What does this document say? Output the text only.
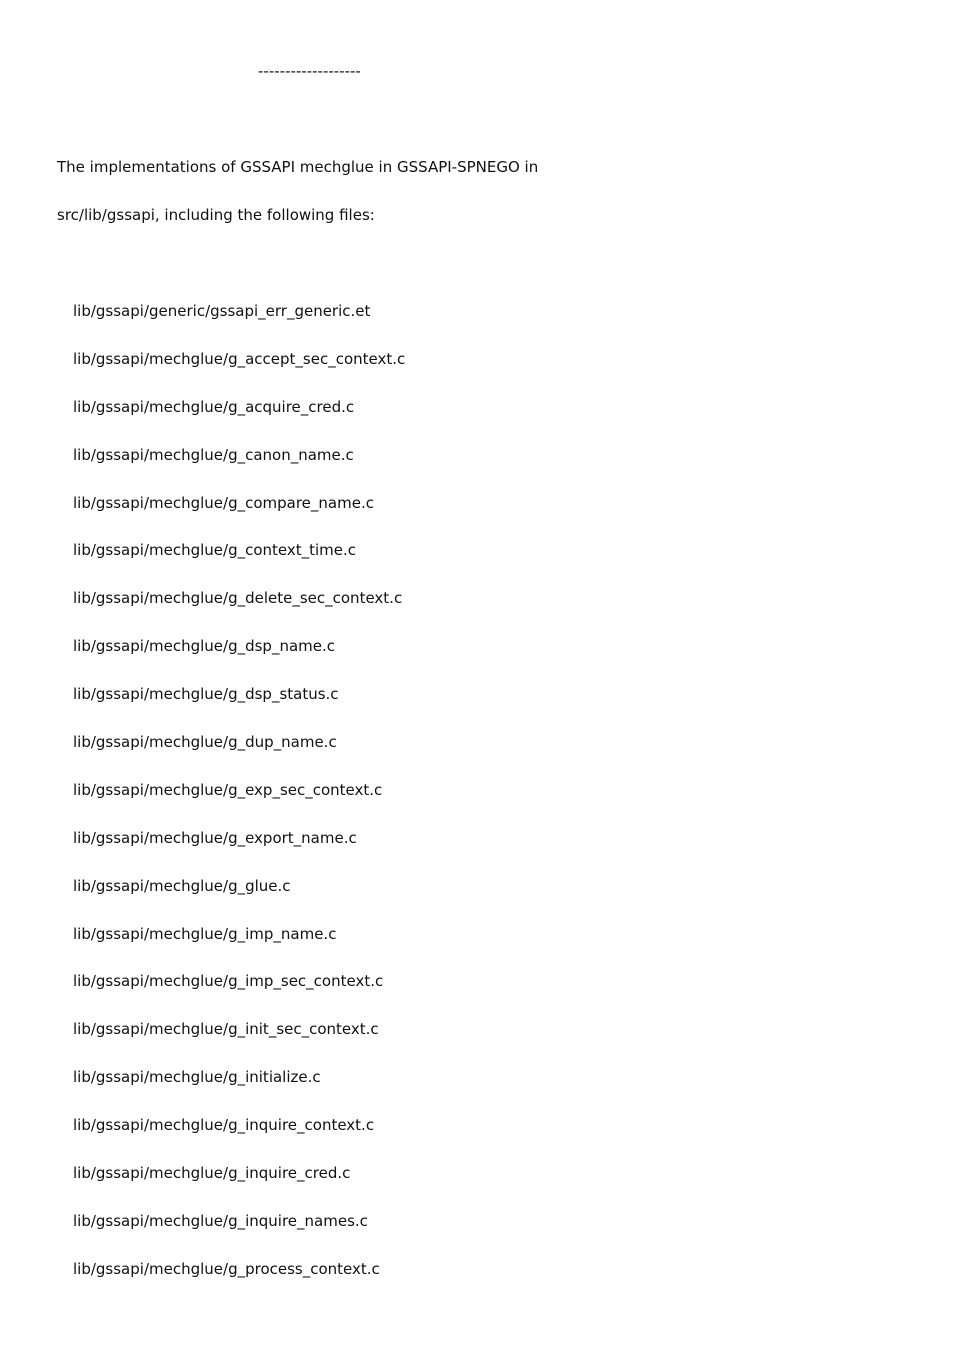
-------------------
The implementations of GSSAPI mechglue in GSSAPI-SPNEGO in
src/lib/gssapi, including the following files:
lib/gssapi/generic/gssapi_err_generic.et
lib/gssapi/mechglue/g_accept_sec_context.c
lib/gssapi/mechglue/g_acquire_cred.c
lib/gssapi/mechglue/g_canon_name.c
lib/gssapi/mechglue/g_compare_name.c
lib/gssapi/mechglue/g_context_time.c
lib/gssapi/mechglue/g_delete_sec_context.c
lib/gssapi/mechglue/g_dsp_name.c
lib/gssapi/mechglue/g_dsp_status.c
lib/gssapi/mechglue/g_dup_name.c
lib/gssapi/mechglue/g_exp_sec_context.c
lib/gssapi/mechglue/g_export_name.c
lib/gssapi/mechglue/g_glue.c
lib/gssapi/mechglue/g_imp_name.c
lib/gssapi/mechglue/g_imp_sec_context.c
lib/gssapi/mechglue/g_init_sec_context.c
lib/gssapi/mechglue/g_initialize.c
lib/gssapi/mechglue/g_inquire_context.c
lib/gssapi/mechglue/g_inquire_cred.c
lib/gssapi/mechglue/g_inquire_names.c
lib/gssapi/mechglue/g_process_context.c
